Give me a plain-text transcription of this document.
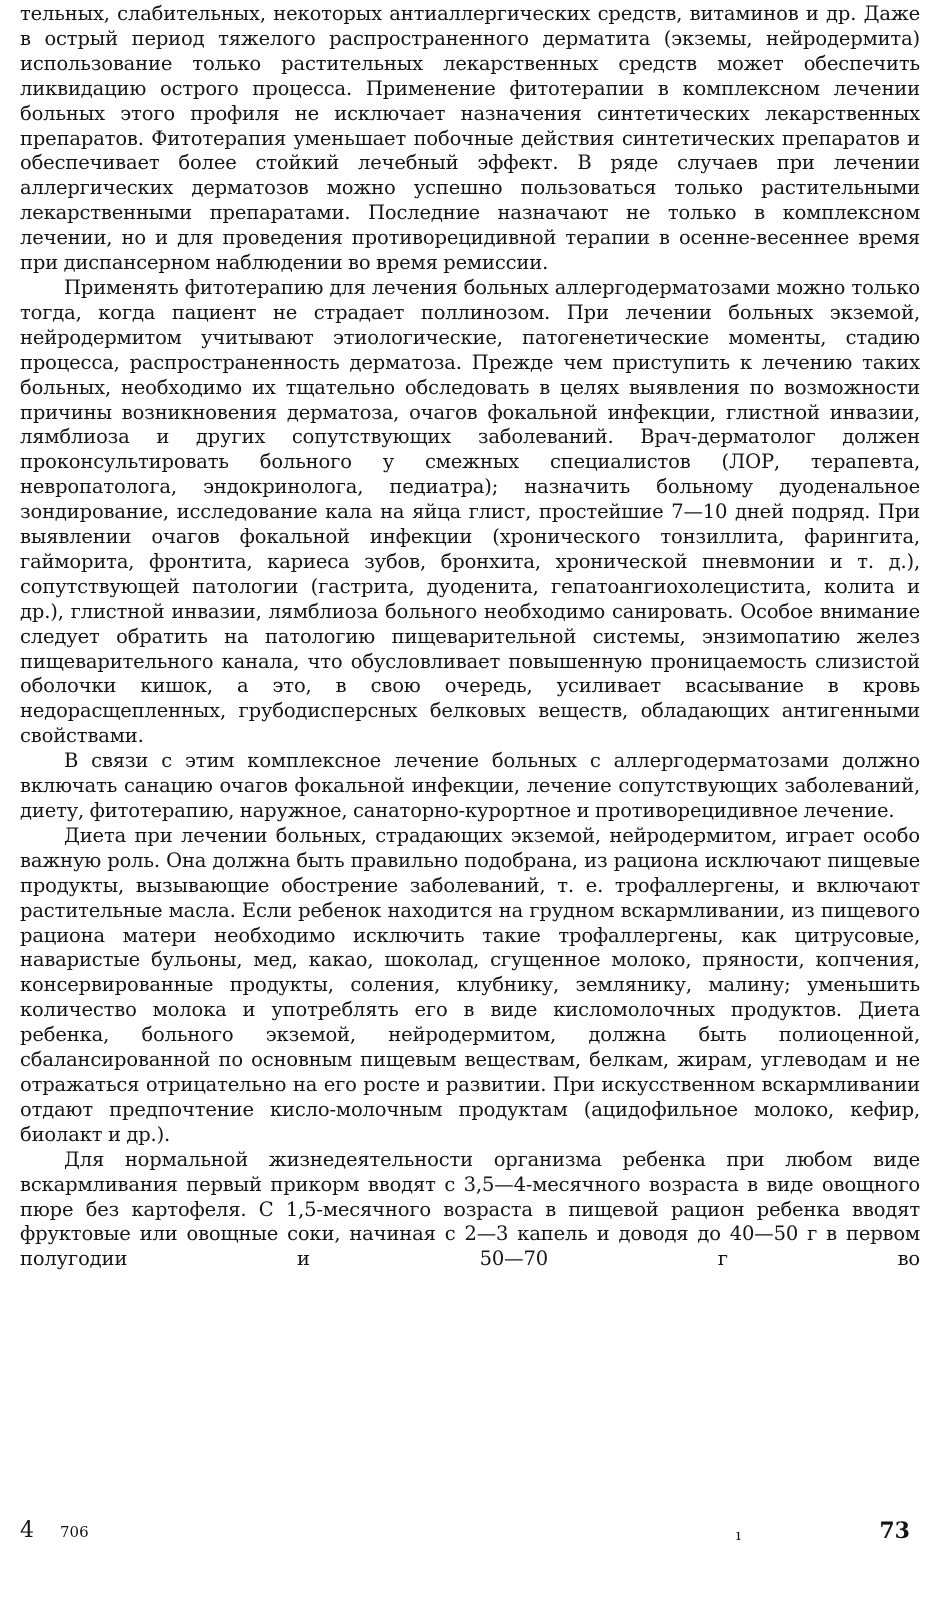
тельных, слабительных, некоторых антиаллергических средств, витаминов и др. Даже в острый период тяжелого распространенного дерматита (экземы, нейродермита) использование только растительных лекарственных средств может обеспечить ликвидацию острого процесса. Применение фитотерапии в комплексном лечении больных этого профиля не исключает назначения синтетических лекарственных препаратов. Фитотерапия уменьшает побочные действия синтетических препаратов и обеспечивает более стойкий лечебный эффект. В ряде случаев при лечении аллергических дерматозов можно успешно пользоваться только растительными лекарственными препаратами. Последние назначают не только в комплексном лечении, но и для проведения противорецидивной терапии в осенне-весеннее время при диспансерном наблюдении во время ремиссии.

Применять фитотерапию для лечения больных аллергодерматозами можно только тогда, когда пациент не страдает поллинозом. При лечении больных экземой, нейродермитом учитывают этиологические, патогенетические моменты, стадию процесса, распространенность дерматоза. Прежде чем приступить к лечению таких больных, необходимо их тщательно обследовать в целях выявления по возможности причины возникновения дерматоза, очагов фокальной инфекции, глистной инвазии, лямблиоза и других сопутствующих заболеваний. Врач-дерматолог должен проконсультировать больного у смежных специалистов (ЛОР, терапевта, невропатолога, эндокринолога, педиатра); назначить больному дуоденальное зондирование, исследование кала на яйца глист, простейшие 7—10 дней подряд. При выявлении очагов фокальной инфекции (хронического тонзиллита, фарингита, гайморита, фронтита, кариеса зубов, бронхита, хронической пневмонии и т. д.), сопутствующей патологии (гастрита, дуоденита, гепатоангиохолецистита, колита и др.), глистной инвазии, лямблиоза больного необходимо санировать. Особое внимание следует обратить на патологию пищеварительной системы, энзимопатию желез пищеварительного канала, что обусловливает повышенную проницаемость слизистой оболочки кишок, а это, в свою очередь, усиливает всасывание в кровь недорасщепленных, грубодисперсных белковых веществ, обладающих антигенными свойствами.

В связи с этим комплексное лечение больных с аллергодерматозами должно включать санацию очагов фокальной инфекции, лечение сопутствующих заболеваний, диету, фитотерапию, наружное, санаторно-курортное и противорецидивное лечение.

Диета при лечении больных, страдающих экземой, нейродермитом, играет особо важную роль. Она должна быть правильно подобрана, из рациона исключают пищевые продукты, вызывающие обострение заболеваний, т. е. трофаллергены, и включают растительные масла. Если ребенок находится на грудном вскармливании, из пищевого рациона матери необходимо исключить такие трофаллергены, как цитрусовые, наваристые бульоны, мед, какао, шоколад, сгущенное молоко, пряности, копчения, консервированные продукты, соления, клубнику, землянику, малину; уменьшить количество молока и употреблять его в виде кисломолочных продуктов. Диета ребенка, больного экземой, нейродермитом, должна быть полиоценной, сбалансированной по основным пищевым веществам, белкам, жирам, углеводам и не отражаться отрицательно на его росте и развитии. При искусственном вскармливании отдают предпочтение кисло-молочным продуктам (ацидофильное молоко, кефир, биолакт и др.).

Для нормальной жизнедеятельности организма ребенка при любом виде вскармливания первый прикорм вводят с 3,5—4-месячного возраста в виде овощного пюре без картофеля. С 1,5-месячного возраста в пищевой рацион ребенка вводят фруктовые или овощные соки, начиная с 2—3 капель и доводя до 40—50 г в первом полугодии и 50—70 г во

4 706	ı	73
